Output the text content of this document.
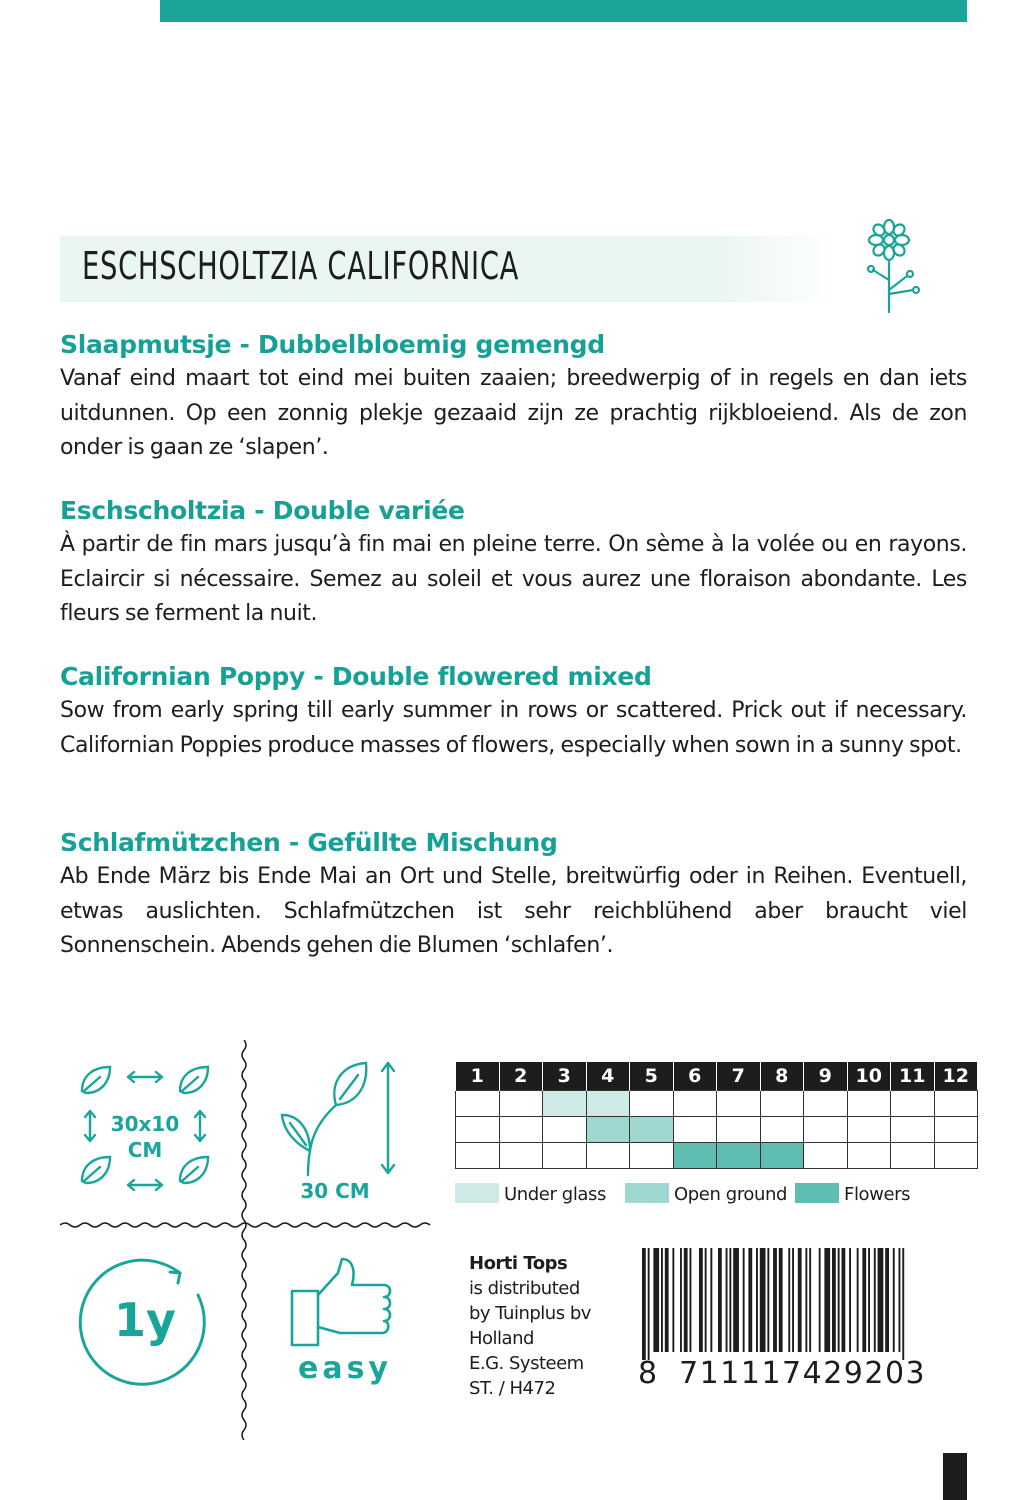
ESCHSCHOLTZIA CALIFORNICA
Slaapmutsje - Dubbelbloemig gemengd

Vanaf eind maart tot eind mei buiten zaaien; breedwerpig of in regels en dan iets uitdunnen. Op een zonnig plekje gezaaid zijn ze prachtig rijkbloeiend. Als de zon onder is gaan ze ‘slapen’.

Eschscholtzia - Double variée

À partir de fin mars jusqu’à fin mai en pleine terre. On sème à la volée ou en rayons. Eclaircir si nécessaire. Semez au soleil et vous aurez une floraison abondante. Les fleurs se ferment la nuit.

Californian Poppy - Double flowered mixed

Sow from early spring till early summer in rows or scattered. Prick out if necessary. Californian Poppies produce masses of flowers, especially when sown in a sunny spot.

Schlafmützchen - Gefüllte Mischung

Ab Ende März bis Ende Mai an Ort und Stelle, breitwürfig oder in Reihen. Eventuell, etwas auslichten. Schlafmützchen ist sehr reichblühend aber braucht viel Sonnenschein. Abends gehen die Blumen ‘schlafen’.

30x10
CM
30 CM
1y
easy
1	2	3	4	5	6	7	8	9	10	11	12

Under glass	Open ground	Flowers
Horti Tops
is distributed
by Tuinplus bv
Holland
E.G. Systeem
ST. / H472	8 711117429203
